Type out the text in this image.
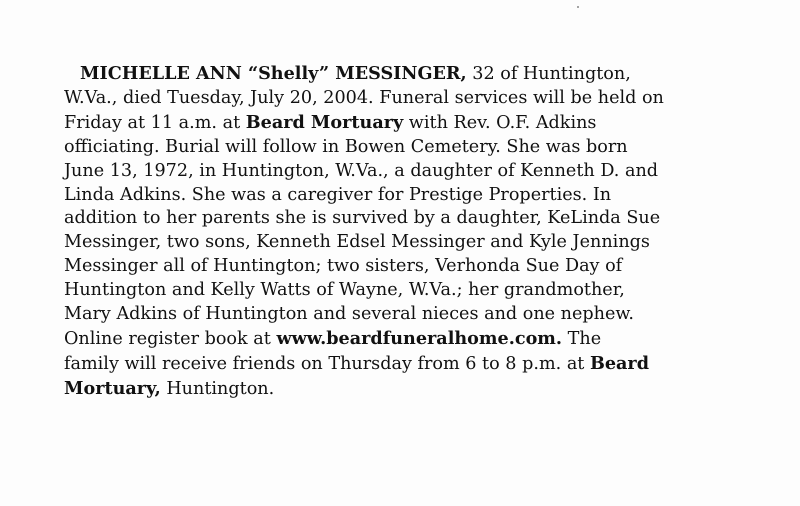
MICHELLE ANN “Shelly” MESSINGER, 32 of Huntington,
W.Va., died Tuesday, July 20, 2004. Funeral services will be held on
Friday at 11 a.m. at Beard Mortuary with Rev. O.F. Adkins
officiating. Burial will follow in Bowen Cemetery. She was born
June 13, 1972, in Huntington, W.Va., a daughter of Kenneth D. and
Linda Adkins. She was a caregiver for Prestige Properties. In
addition to her parents she is survived by a daughter, KeLinda Sue
Messinger, two sons, Kenneth Edsel Messinger and Kyle Jennings
Messinger all of Huntington; two sisters, Verhonda Sue Day of
Huntington and Kelly Watts of Wayne, W.Va.; her grandmother,
Mary Adkins of Huntington and several nieces and one nephew.
Online register book at www.beardfuneralhome.com. The
family will receive friends on Thursday from 6 to 8 p.m. at Beard
Mortuary, Huntington.
